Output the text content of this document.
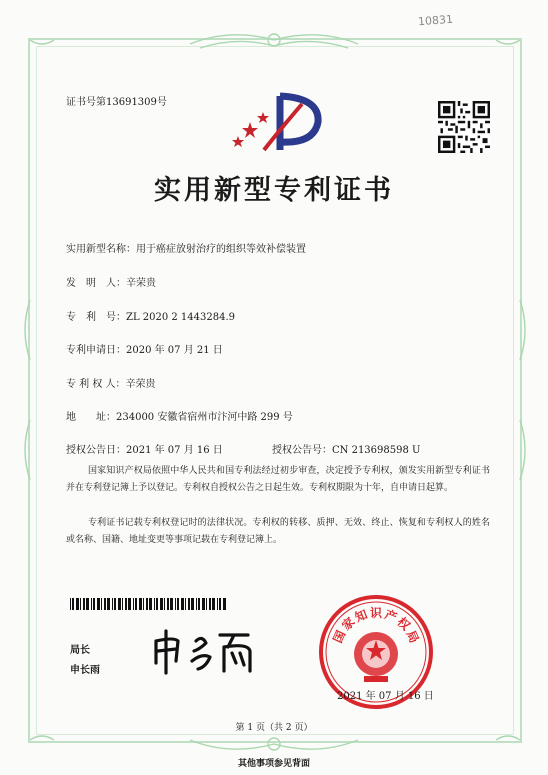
10831
证书号第13691309号
实用新型专利证书
实用新型名称：用于癌症放射治疗的组织等效补偿装置
发　明　人：辛荣贵
专　利　号：ZL 2020 2 1443284.9
专利申请日：2020 年 07 月 21 日
专 利 权 人：辛荣贵
地　　址：234000 安徽省宿州市汴河中路 299 号
授权公告日：2021 年 07 月 16 日	授权公告号：CN 213698598 U
国家知识产权局依照中华人民共和国专利法经过初步审查，决定授予专利权，颁发实用新型专利证书并在专利登记簿上予以登记。专利权自授权公告之日起生效。专利权期限为十年，自申请日起算。
专利证书记载专利权登记时的法律状况。专利权的转移、质押、无效、终止、恢复和专利权人的姓名或名称、国籍、地址变更等事项记载在专利登记簿上。
局长
申长雨
国
家
知 识 产
权
局
2021 年 07 月 16 日
第 1 页（共 2 页）
其他事项参见背面
